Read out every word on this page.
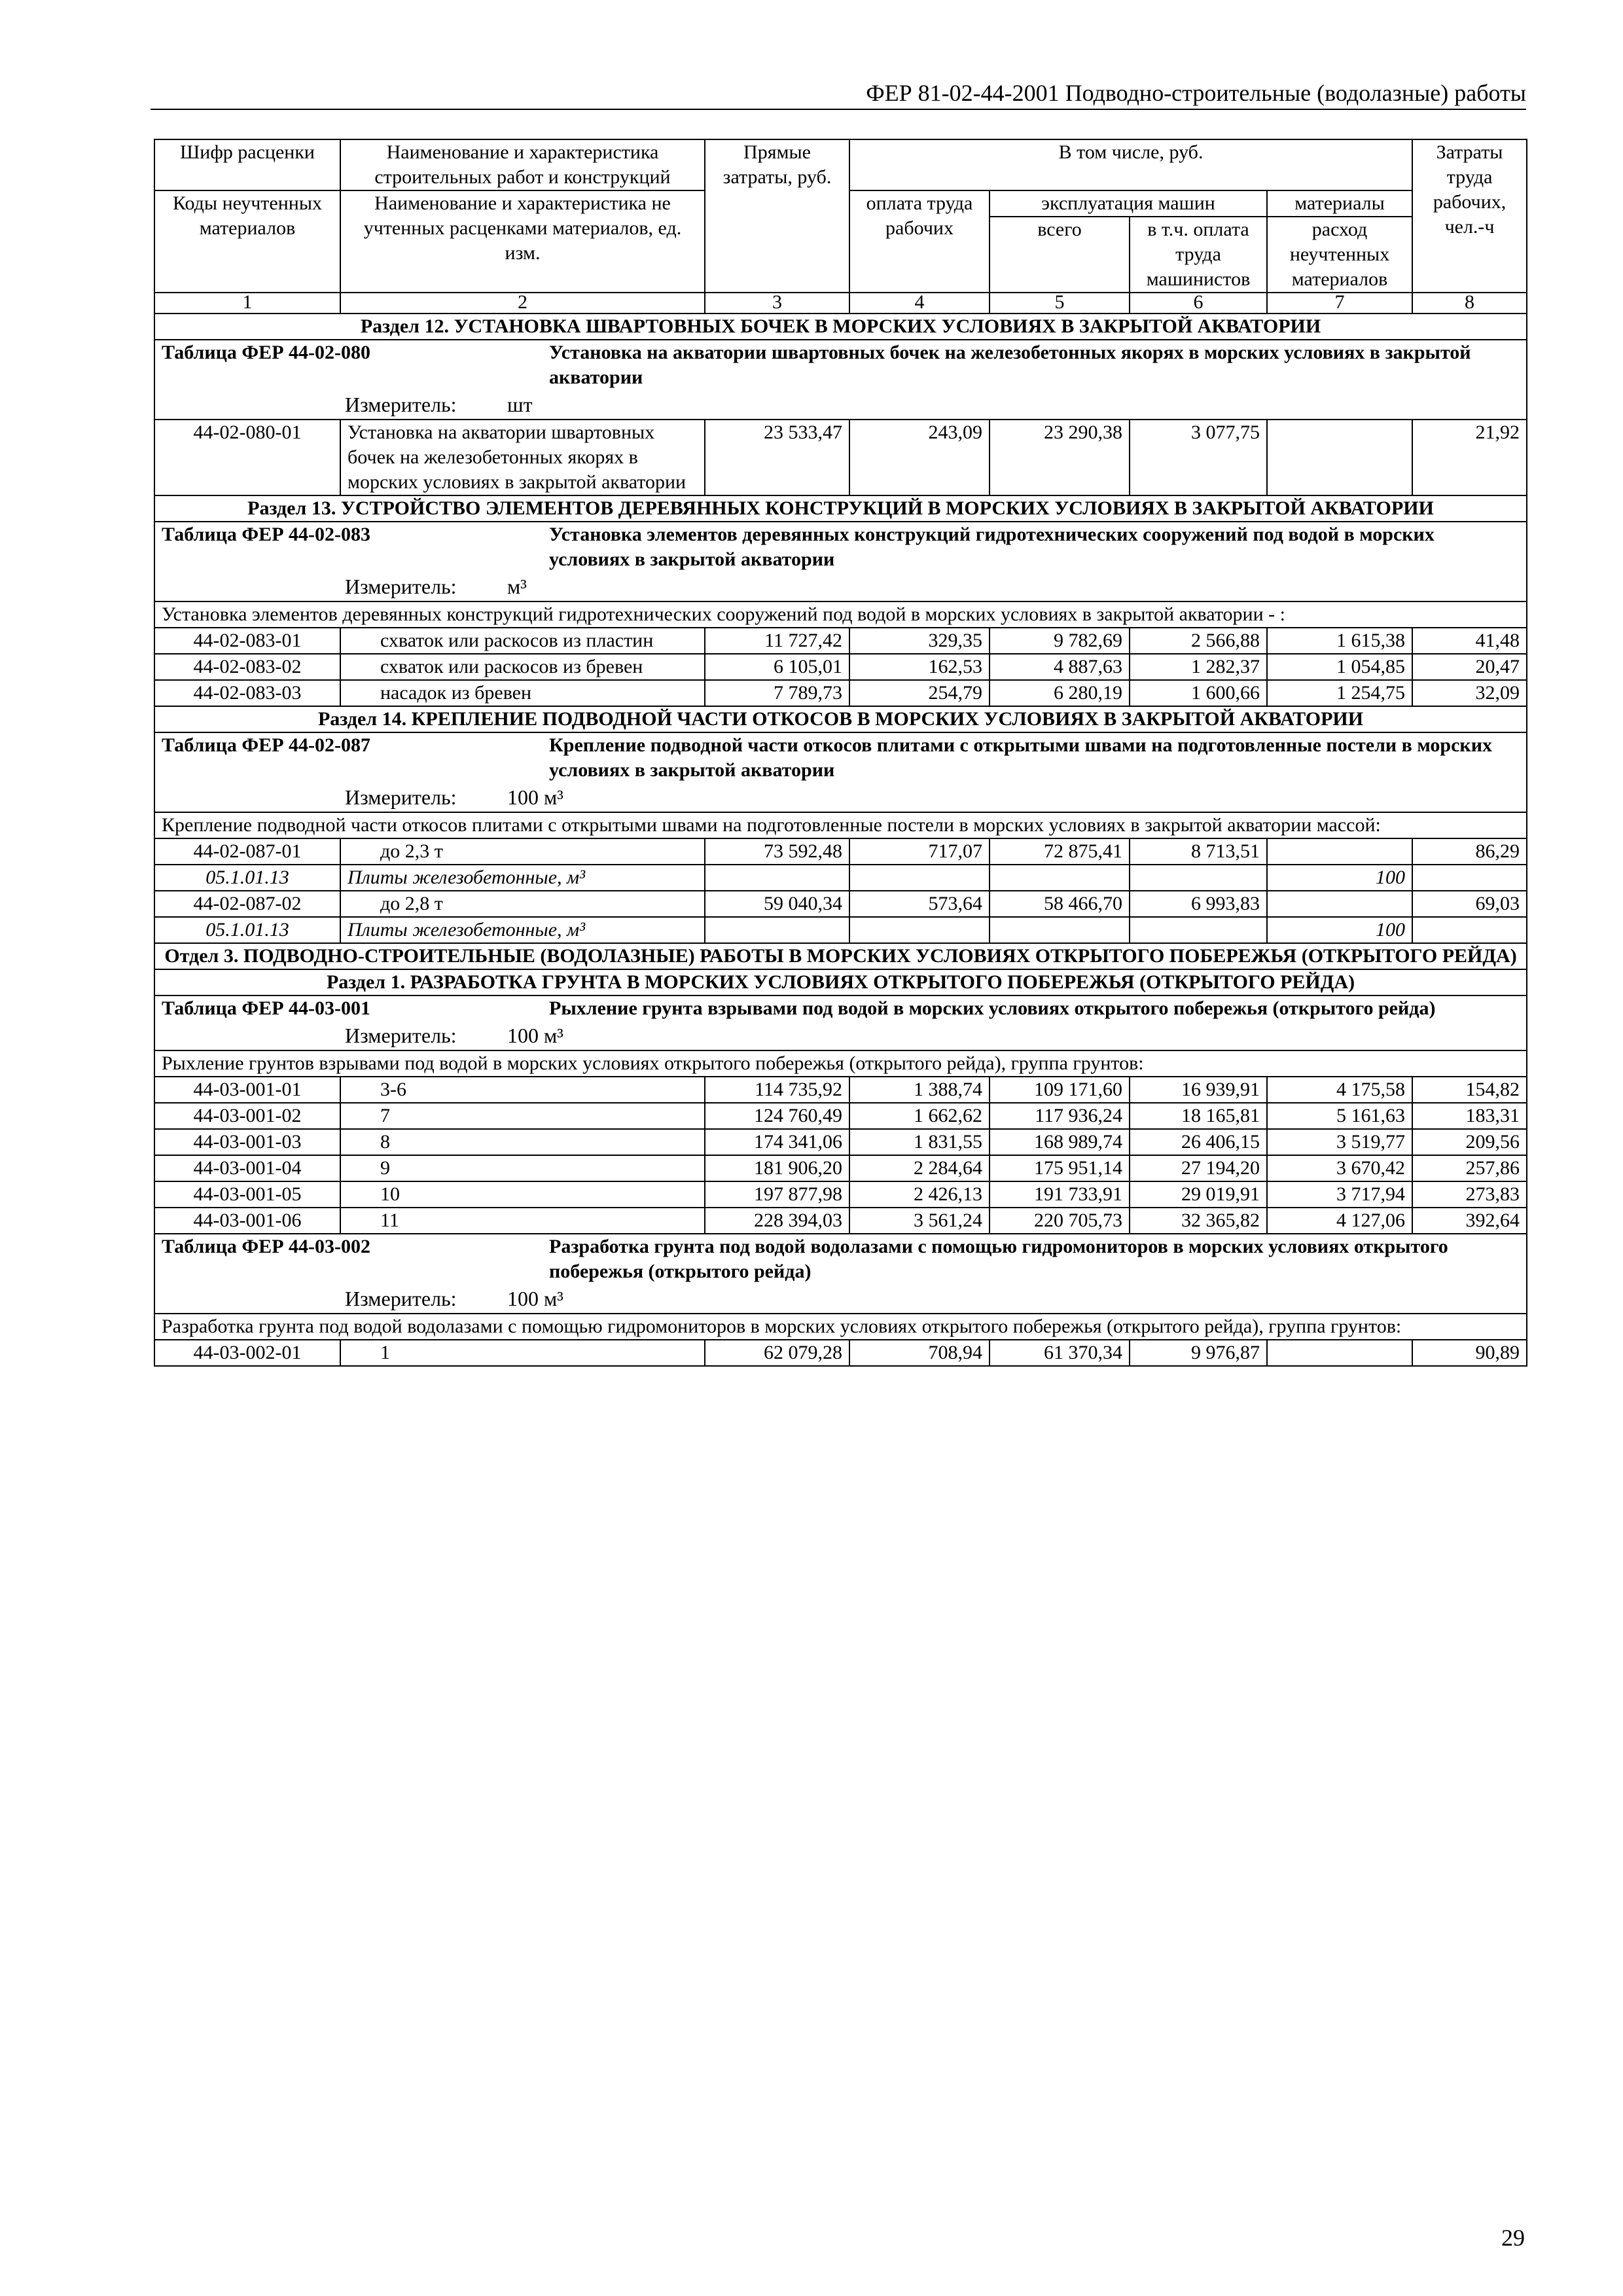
ФЕР 81-02-44-2001 Подводно-строительные (водолазные) работы
Шифр расценки	Наименование и характеристика строительных работ и конструкций	Прямые затраты, руб.	В том числе, руб.				Затраты труда рабочих, чел.-ч
Коды неучтенных материалов	Наименование и характеристика не учтенных расценками материалов, ед. изм.		оплата труда рабочих	эксплуатация машин		материалы	
				всего	в т.ч. оплата труда машинистов	расход неучтенных материалов	
1	2	3	4	5	6	7	8
Раздел 12. УСТАНОВКА ШВАРТОВНЫХ БОЧЕК В МОРСКИХ УСЛОВИЯХ В ЗАКРЫТОЙ АКВАТОРИИ							

Таблица ФЕР 44-02-080 Установка на акватории швартовных бочек на железобетонных якорях в морских условиях в закрытой акватории
Измеритель: шт							

44-02-080-01	Установка на акватории швартовных бочек на железобетонных якорях в морских условиях в закрытой акватории	23 533,47	243,09	23 290,38	3 077,75		21,92
Раздел 13. УСТРОЙСТВО ЭЛЕМЕНТОВ ДЕРЕВЯННЫХ КОНСТРУКЦИЙ В МОРСКИХ УСЛОВИЯХ В ЗАКРЫТОЙ АКВАТОРИИ							

Таблица ФЕР 44-02-083 Установка элементов деревянных конструкций гидротехнических сооружений под водой в морских условиях в закрытой акватории
Измеритель: м³							

Установка элементов деревянных конструкций гидротехнических сооружений под водой в морских условиях в закрытой акватории - :							
44-02-083-01	схваток или раскосов из пластин	11 727,42	329,35	9 782,69	2 566,88	1 615,38	41,48
44-02-083-02	схваток или раскосов из бревен	6 105,01	162,53	4 887,63	1 282,37	1 054,85	20,47
44-02-083-03	насадок из бревен	7 789,73	254,79	6 280,19	1 600,66	1 254,75	32,09
Раздел 14. КРЕПЛЕНИЕ ПОДВОДНОЙ ЧАСТИ ОТКОСОВ В МОРСКИХ УСЛОВИЯХ В ЗАКРЫТОЙ АКВАТОРИИ							

Таблица ФЕР 44-02-087 Крепление подводной части откосов плитами с открытыми швами на подготовленные постели в морских условиях в закрытой акватории
Измеритель: 100 м³							

Крепление подводной части откосов плитами с открытыми швами на подготовленные постели в морских условиях в закрытой акватории массой:							
44-02-087-01	до 2,3 т	73 592,48	717,07	72 875,41	8 713,51		86,29
05.1.01.13	Плиты железобетонные, м³					100	
44-02-087-02	до 2,8 т	59 040,34	573,64	58 466,70	6 993,83		69,03
05.1.01.13	Плиты железобетонные, м³					100	
Отдел 3. ПОДВОДНО-СТРОИТЕЛЬНЫЕ (ВОДОЛАЗНЫЕ) РАБОТЫ В МОРСКИХ УСЛОВИЯХ ОТКРЫТОГО ПОБЕРЕЖЬЯ (ОТКРЫТОГО РЕЙДА)							
Раздел 1. РАЗРАБОТКА ГРУНТА В МОРСКИХ УСЛОВИЯХ ОТКРЫТОГО ПОБЕРЕЖЬЯ (ОТКРЫТОГО РЕЙДА)							

Таблица ФЕР 44-03-001 Рыхление грунта взрывами под водой в морских условиях открытого побережья (открытого рейда)
Измеритель: 100 м³							

Рыхление грунтов взрывами под водой в морских условиях открытого побережья (открытого рейда), группа грунтов:							
44-03-001-01	3-6	114 735,92	1 388,74	109 171,60	16 939,91	4 175,58	154,82
44-03-001-02	7	124 760,49	1 662,62	117 936,24	18 165,81	5 161,63	183,31
44-03-001-03	8	174 341,06	1 831,55	168 989,74	26 406,15	3 519,77	209,56
44-03-001-04	9	181 906,20	2 284,64	175 951,14	27 194,20	3 670,42	257,86
44-03-001-05	10	197 877,98	2 426,13	191 733,91	29 019,91	3 717,94	273,83
44-03-001-06	11	228 394,03	3 561,24	220 705,73	32 365,82	4 127,06	392,64

Таблица ФЕР 44-03-002 Разработка грунта под водой водолазами с помощью гидромониторов в морских условиях открытого побережья (открытого рейда)
Измеритель: 100 м³							

Разработка грунта под водой водолазами с помощью гидромониторов в морских условиях открытого побережья (открытого рейда), группа грунтов:							
44-03-002-01	1	62 079,28	708,94	61 370,34	9 976,87		90,89
29
